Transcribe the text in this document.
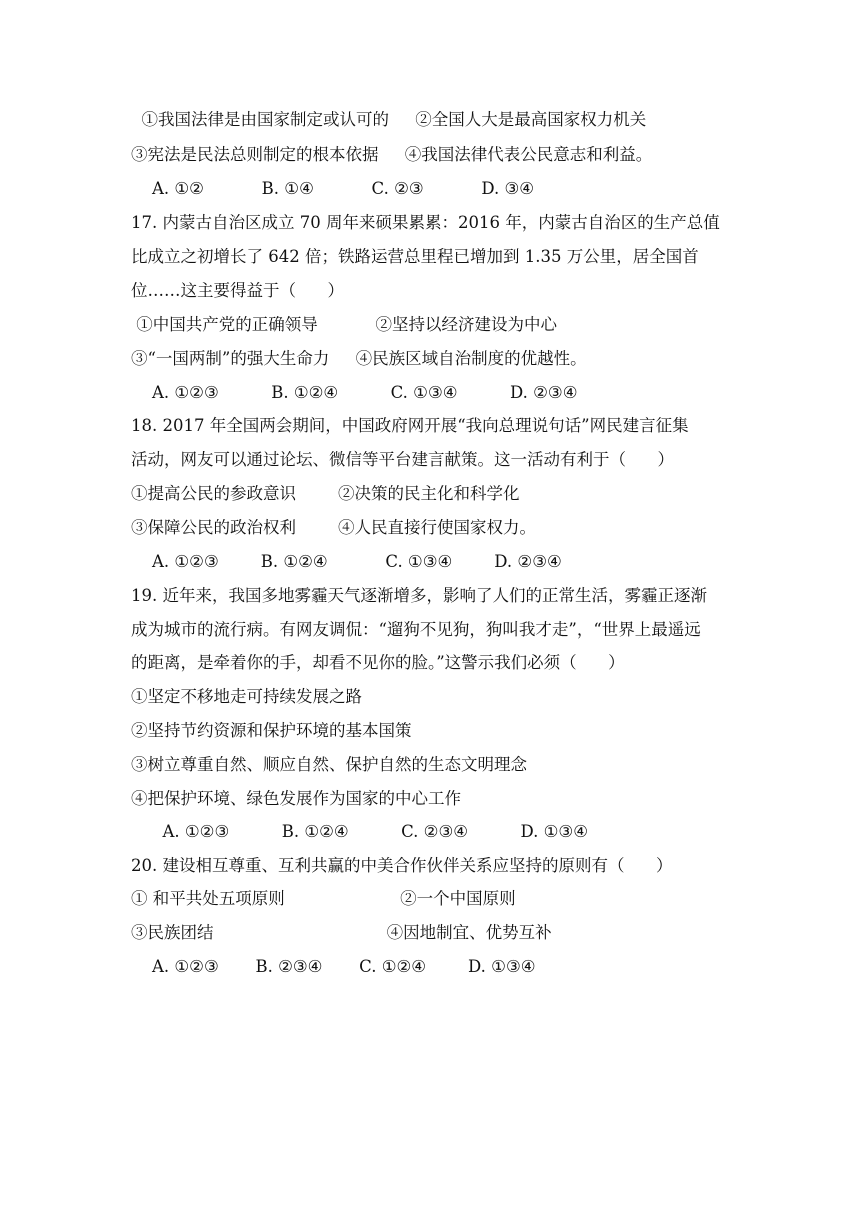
①我国法律是由国家制定或认可的     ②全国人大是最高国家权力机关
③宪法是民法总则制定的根本依据     ④我国法律代表公民意志和利益。
A. ①②           B. ①④           C. ②③           D. ③④
17. 内蒙古自治区成立 70 周年来硕果累累：2016 年，内蒙古自治区的生产总值
比成立之初增长了 642 倍；铁路运营总里程已增加到 1.35 万公里，居全国首
位……这主要得益于（      ）
①中国共产党的正确领导           ②坚持以经济建设为中心
③“一国两制”的强大生命力     ④民族区域自治制度的优越性。
A. ①②③          B. ①②④          C. ①③④          D. ②③④
18. 2017 年全国两会期间，中国政府网开展“我向总理说句话”网民建言征集
活动，网友可以通过论坛、微信等平台建言献策。这一活动有利于（      ）
①提高公民的参政意识        ②决策的民主化和科学化
③保障公民的政治权利        ④人民直接行使国家权力。
A. ①②③        B. ①②④           C. ①③④        D. ②③④
19. 近年来，我国多地雾霾天气逐渐增多，影响了人们的正常生活，雾霾正逐渐
成为城市的流行病。有网友调侃：“遛狗不见狗，狗叫我才走”，“世界上最遥远
的距离，是牵着你的手，却看不见你的脸。”这警示我们必须（      ）
①坚定不移地走可持续发展之路
②坚持节约资源和保护环境的基本国策
③树立尊重自然、顺应自然、保护自然的生态文明理念
④把保护环境、绿色发展作为国家的中心工作
A. ①②③          B. ①②④          C. ②③④          D. ①③④
20. 建设相互尊重、互利共赢的中美合作伙伴关系应坚持的原则有（      ）
① 和平共处五项原则                      ②一个中国原则
③民族团结                                 ④因地制宜、优势互补
A. ①②③       B. ②③④       C. ①②④        D. ①③④
